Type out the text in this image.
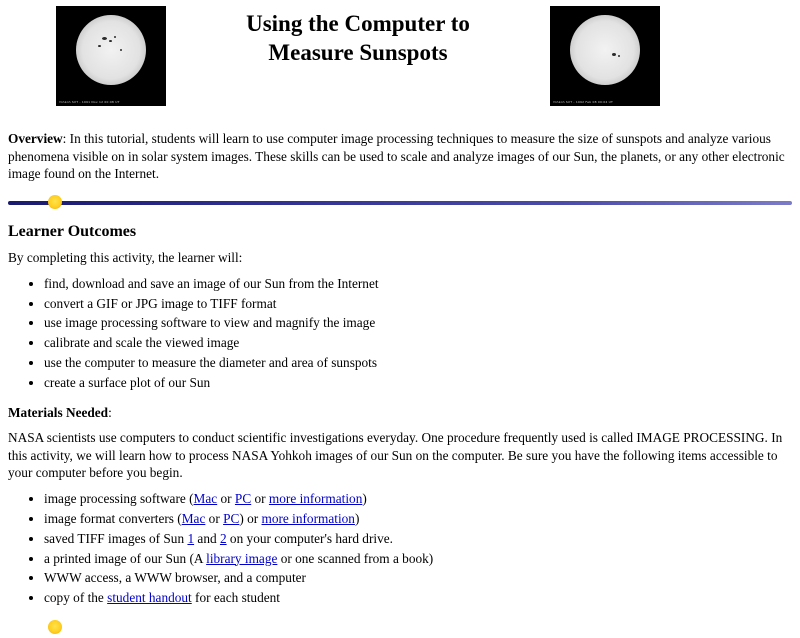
Yohkoh SXT - 1991 Nov 12 00:08 UT
Using the Computer to
Measure Sunspots
Yohkoh SXT - 1992 Feb 08 00:04 UT
Overview: In this tutorial, students will learn to use computer image processing techniques to measure the size of sunspots and analyze various phenomena visible on in solar system images. These skills can be used to scale and analyze images of our Sun, the planets, or any other electronic image found on the Internet.
Learner Outcomes

By completing this activity, the learner will:

• find, download and save an image of our Sun from the Internet
• convert a GIF or JPG image to TIFF format
• use image processing software to view and magnify the image
• calibrate and scale the viewed image
• use the computer to measure the diameter and area of sunspots
• create a surface plot of our Sun

Materials Needed:

NASA scientists use computers to conduct scientific investigations everyday. One procedure frequently used is called IMAGE PROCESSING. In this activity, we will learn how to process NASA Yohkoh images of our Sun on the computer. Be sure you have the following items accessible to your computer before you begin.

• image processing software (Mac or PC or more information)
• image format converters (Mac or PC) or more information)
• saved TIFF images of Sun 1 and 2 on your computer's hard drive.
• a printed image of our Sun (A library image or one scanned from a book)
• WWW access, a WWW browser, and a computer
• copy of the student handout for each student
